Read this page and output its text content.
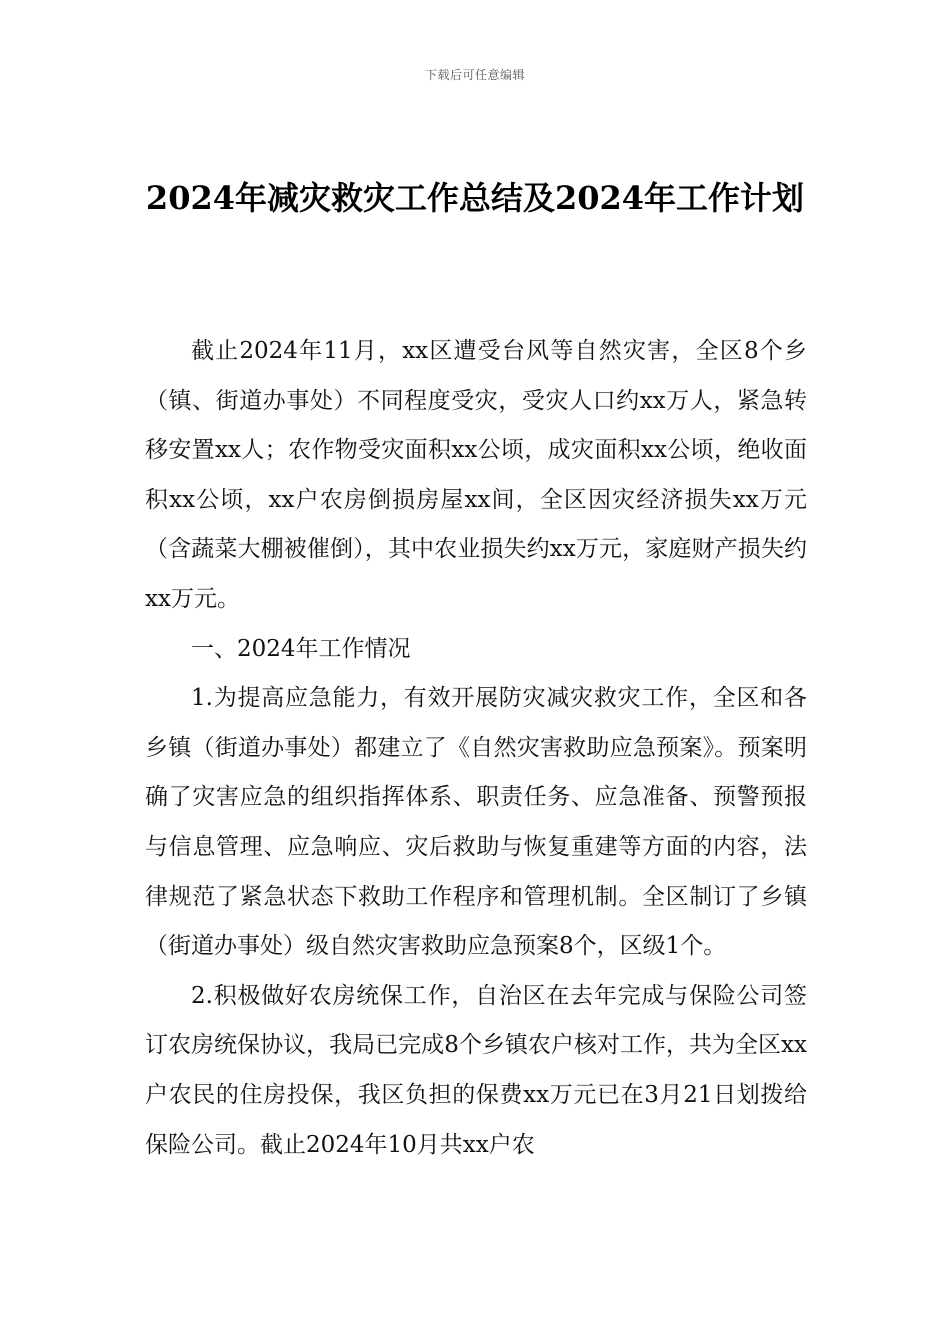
下载后可任意编辑
2024年减灾救灾工作总结及2024年工作计划

截止2024年11月，xx区遭受台风等自然灾害，全区8个乡（镇、街道办事处）不同程度受灾，受灾人口约xx万人，紧急转移安置xx人；农作物受灾面积xx公顷，成灾面积xx公顷，绝收面积xx公顷，xx户农房倒损房屋xx间，全区因灾经济损失xx万元（含蔬菜大棚被催倒），其中农业损失约xx万元，家庭财产损失约xx万元。

一、2024年工作情况

1.为提高应急能力，有效开展防灾减灾救灾工作，全区和各乡镇（街道办事处）都建立了《自然灾害救助应急预案》。预案明确了灾害应急的组织指挥体系、职责任务、应急准备、预警预报与信息管理、应急响应、灾后救助与恢复重建等方面的内容，法律规范了紧急状态下救助工作程序和管理机制。全区制订了乡镇（街道办事处）级自然灾害救助应急预案8个，区级1个。

2.积极做好农房统保工作，自治区在去年完成与保险公司签订农房统保协议，我局已完成8个乡镇农户核对工作，共为全区xx户农民的住房投保，我区负担的保费xx万元已在3月21日划拨给保险公司。截止2024年10月共xx户农
